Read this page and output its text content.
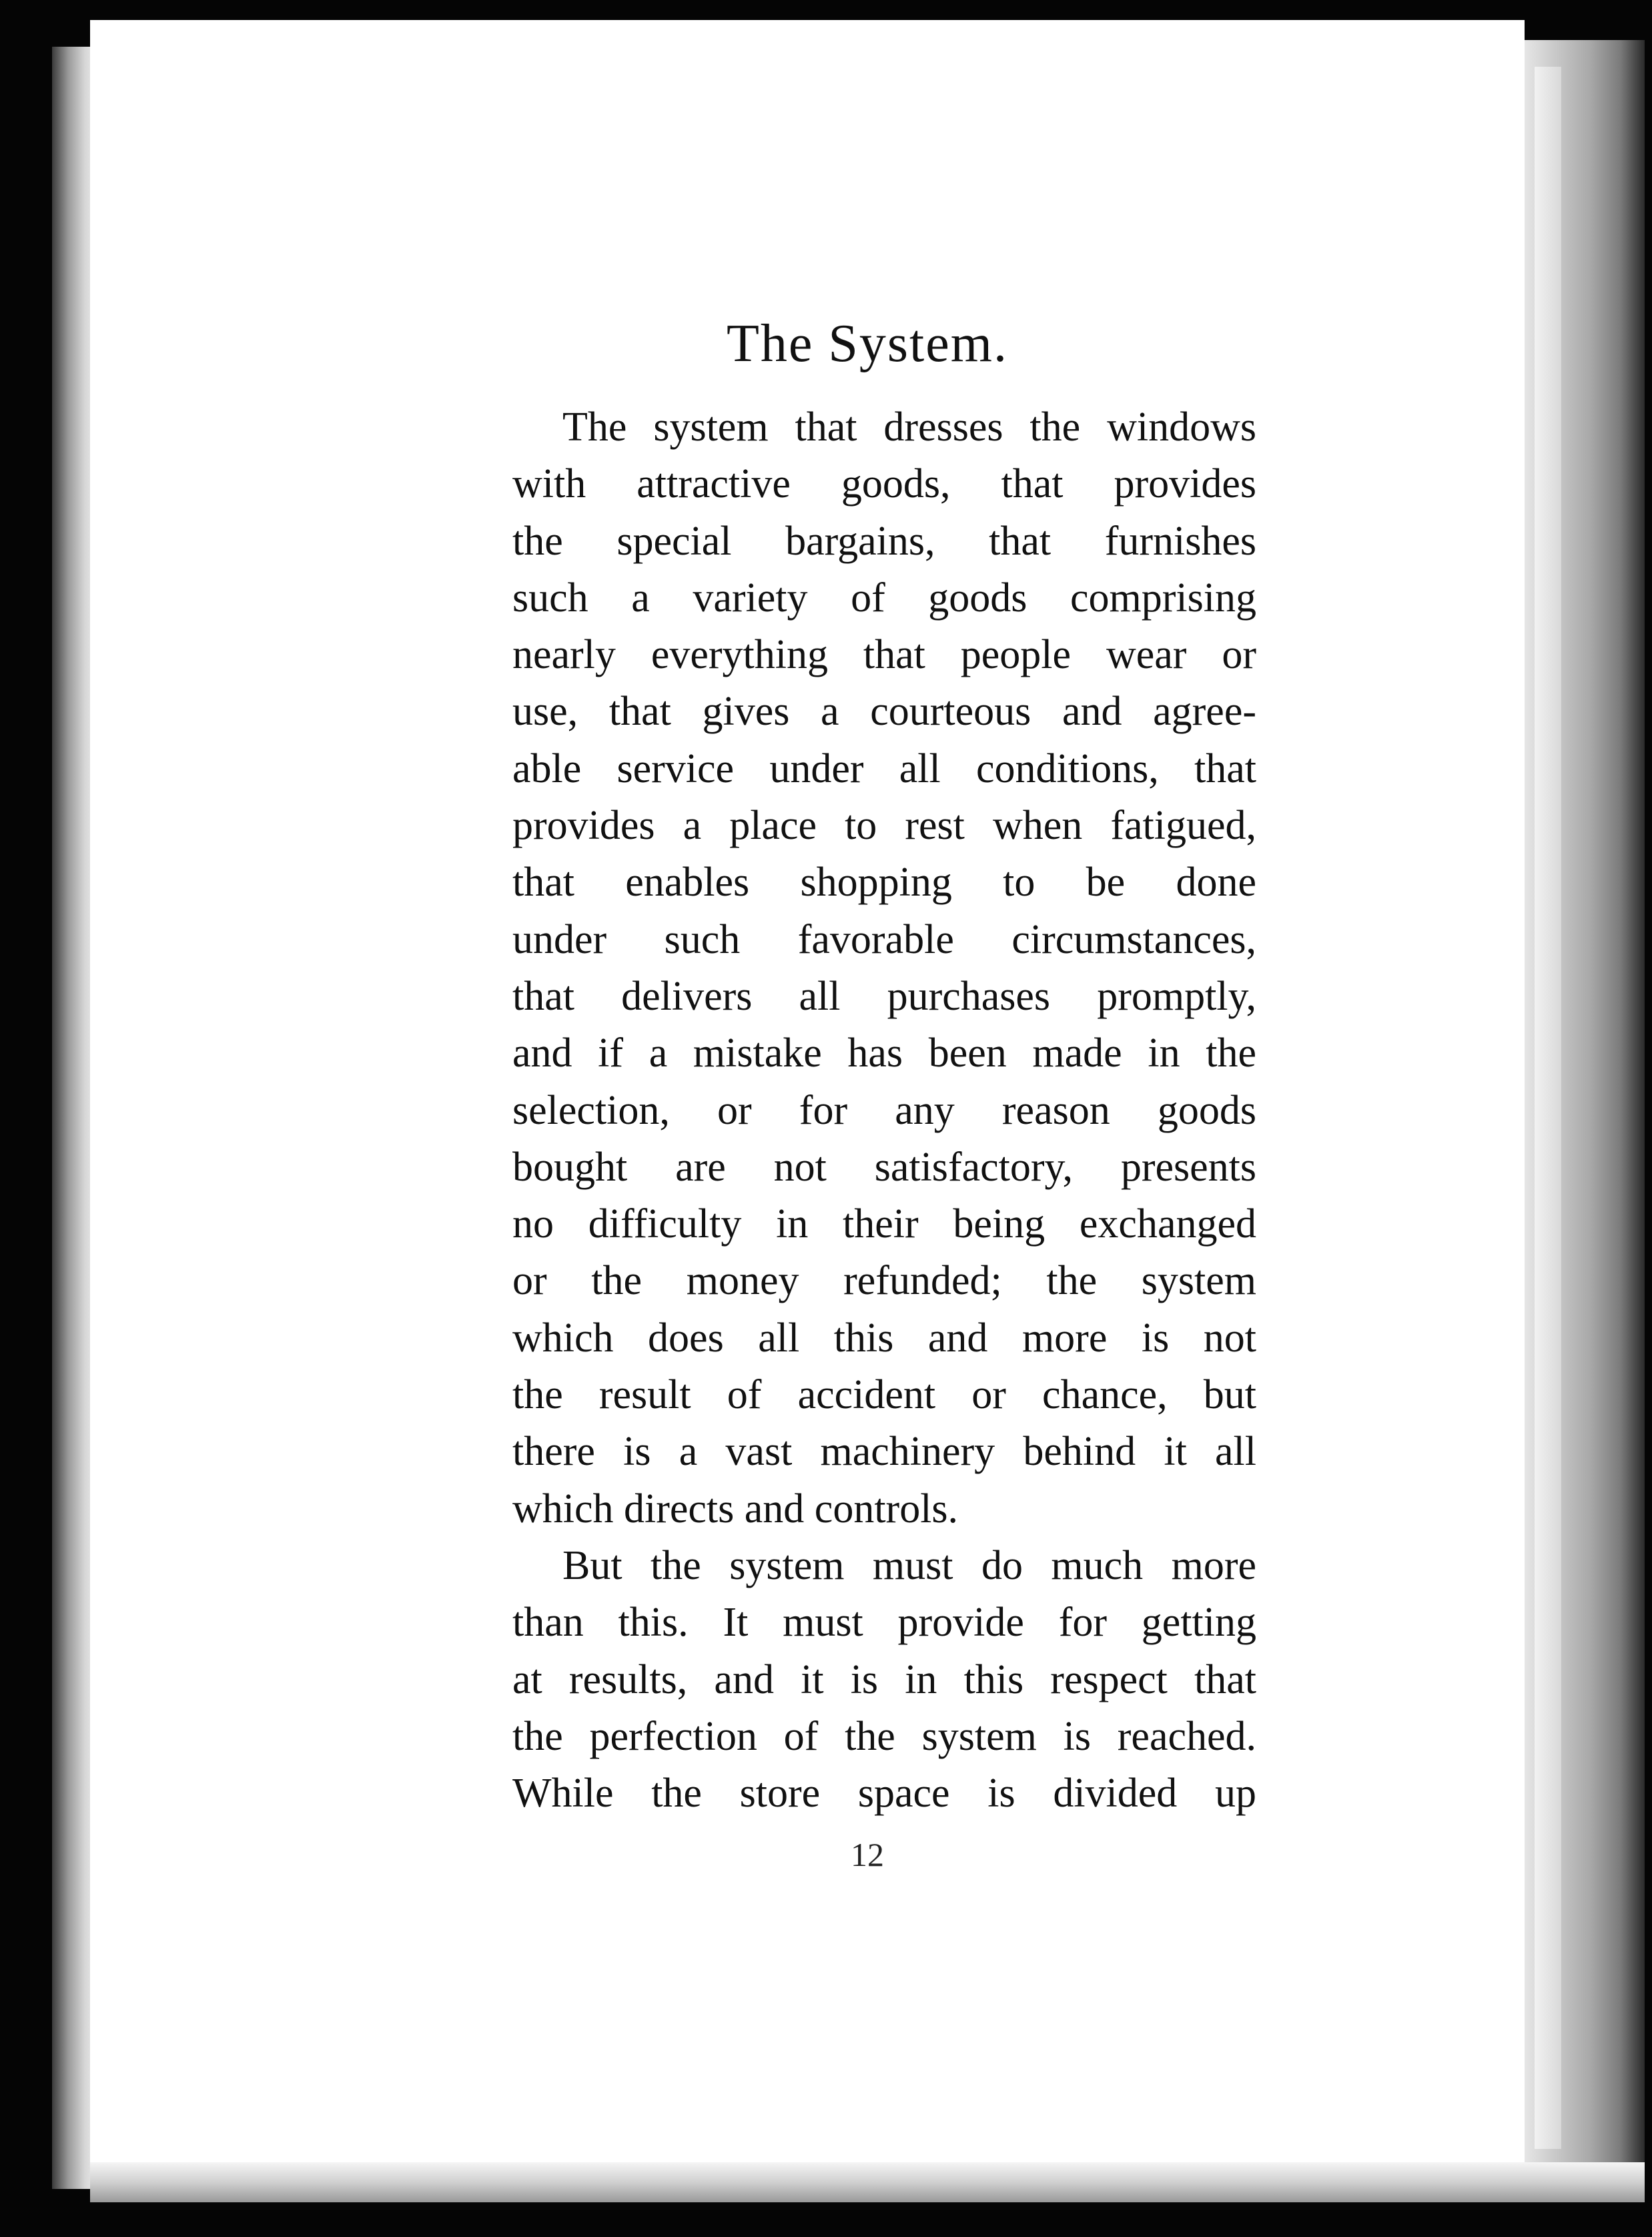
The System.
The system that dresses the windows
with attractive goods, that provides
the special bargains, that furnishes
such a variety of goods comprising
nearly everything that people wear or
use, that gives a courteous and agree-
able service under all conditions, that
provides a place to rest when fatigued,
that enables shopping to be done
under such favorable circumstances,
that delivers all purchases promptly,
and if a mistake has been made in the
selection, or for any reason goods
bought are not satisfactory, presents
no difficulty in their being exchanged
or the money refunded; the system
which does all this and more is not
the result of accident or chance, but
there is a vast machinery behind it all
which directs and controls.
But the system must do much more
than this. It must provide for getting
at results, and it is in this respect that
the perfection of the system is reached.
While the store space is divided up
12
